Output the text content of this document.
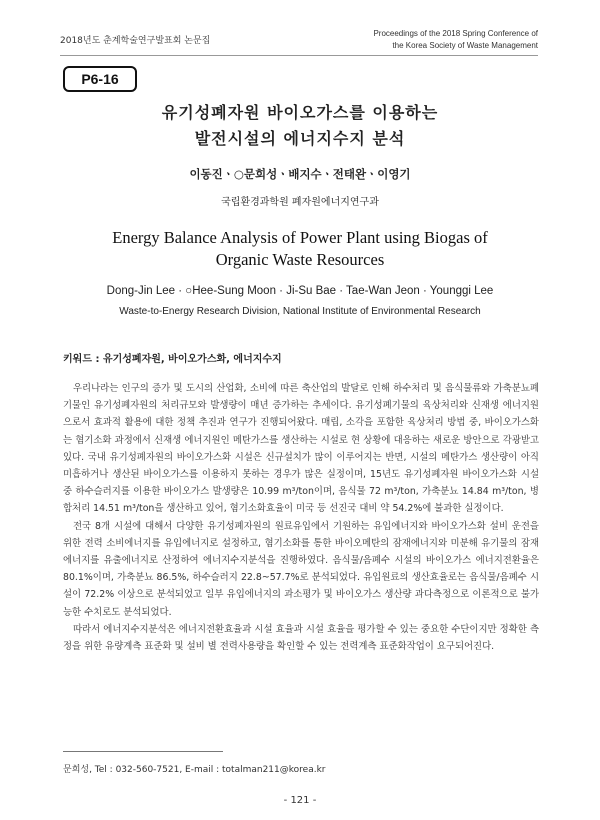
2018년도 춘계학술연구발표회 논문집
Proceedings of the 2018 Spring Conference of
the Korea Society of Waste Management
P6-16
유기성폐자원 바이오가스를 이용하는
발전시설의 에너지수지 분석
이동진ㆍ○문희성ㆍ배지수ㆍ전태완ㆍ이영기
국립환경과학원 폐자원에너지연구과
Energy Balance Analysis of Power Plant using Biogas of
Organic Waste Resources
Dong-Jin Lee · ○Hee-Sung Moon · Ji-Su Bae · Tae-Wan Jeon · Younggi Lee
Waste-to-Energy Research Division, National Institute of Environmental Research
키워드 : 유기성폐자원, 바이오가스화, 에너지수지

우리나라는 인구의 증가 및 도시의 산업화, 소비에 따른 축산업의 발달로 인해 하수처리 및 음식물류와 가축분뇨폐기물인 유기성폐자원의 처리규모와 발생량이 매년 증가하는 추세이다. 유기성폐기물의 육상처리와 신재생 에너지원으로서 효과적 활용에 대한 정책 추진과 연구가 진행되어왔다. 매립, 소각을 포함한 육상처리 방법 중, 바이오가스화는 혐기소화 과정에서 신재생 에너지원인 메탄가스를 생산하는 시설로 현 상황에 대응하는 새로운 방안으로 각광받고 있다. 국내 유기성폐자원의 바이오가스화 시설은 신규설치가 많이 이루어지는 반면, 시설의 메탄가스 생산량이 아직 미흡하거나 생산된 바이오가스를 이용하지 못하는 경우가 많은 실정이며, 15년도 유기성폐자원 바이오가스화 시설 중 하수슬러지를 이용한 바이오가스 발생량은 10.99 m³/ton이며, 음식물 72 m³/ton, 가축분뇨 14.84 m³/ton, 병합처리 14.51 m³/ton을 생산하고 있어, 혐기소화효율이 미국 등 선진국 대비 약 54.2%에 불과한 실정이다.

전국 8개 시설에 대해서 다양한 유기성폐자원의 원료유입에서 기원하는 유입에너지와 바이오가스화 설비 운전을 위한 전력 소비에너지를 유입에너지로 설정하고, 혐기소화를 통한 바이오메탄의 잠재에너지와 미분해 유기물의 잠재에너지를 유출에너지로 산정하여 에너지수지분석을 진행하였다. 음식물/음폐수 시설의 바이오가스 에너지전환율은 80.1%이며, 가축분뇨 86.5%, 하수슬러지 22.8~57.7%로 분석되었다. 유입원료의 생산효율로는 음식물/음폐수 시설이 72.2% 이상으로 분석되었고 일부 유입에너지의 과소평가 및 바이오가스 생산량 과다측정으로 이론적으로 불가능한 수치로도 분석되었다.

따라서 에너지수지분석은 에너지전환효율과 시설 효율과 시설 효율을 평가할 수 있는 중요한 수단이지만 정확한 측정을 위한 유량계측 표준화 및 설비 별 전력사용량을 확인할 수 있는 전력계측 표준화작업이 요구되어진다.

문희성, Tel : 032-560-7521, E-mail : totalman211@korea.kr
- 121 -
